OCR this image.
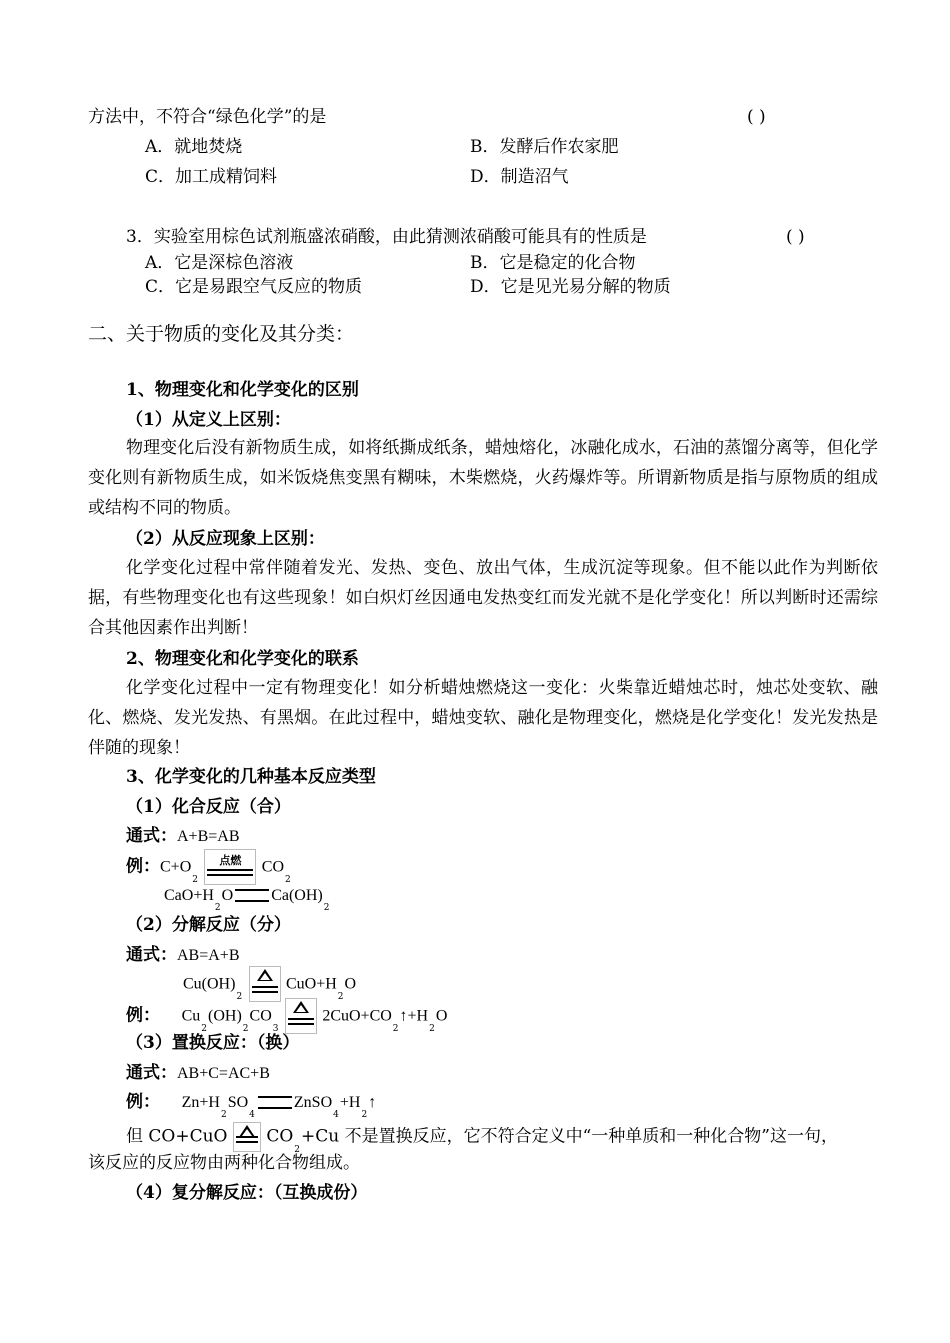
方法中，不符合“绿色化学”的是	( )
A．就地焚烧	B．发酵后作农家肥
C．加工成精饲料	D．制造沼气
3．实验室用棕色试剂瓶盛浓硝酸，由此猜测浓硝酸可能具有的性质是	( )
A．它是深棕色溶液	B．它是稳定的化合物
C．它是易跟空气反应的物质	D．它是见光易分解的物质
二、关于物质的变化及其分类：
1、物理变化和化学变化的区别
（1）从定义上区别：
物理变化后没有新物质生成，如将纸撕成纸条，蜡烛熔化，冰融化成水，石油的蒸馏分离等，但化学变化则有新物质生成，如米饭烧焦变黑有糊味，木柴燃烧，火药爆炸等。所谓新物质是指与原物质的组成或结构不同的物质。
（2）从反应现象上区别：
化学变化过程中常伴随着发光、发热、变色、放出气体，生成沉淀等现象。但不能以此作为判断依据，有些物理变化也有这些现象！如白炽灯丝因通电发热变红而发光就不是化学变化！所以判断时还需综合其他因素作出判断！
2、物理变化和化学变化的联系
化学变化过程中一定有物理变化！如分析蜡烛燃烧这一变化：火柴靠近蜡烛芯时，烛芯处变软、融化、燃烧、发光发热、有黑烟。在此过程中，蜡烛变软、融化是物理变化，燃烧是化学变化！发光发热是伴随的现象！
3、化学变化的几种基本反应类型
（1）化合反应（合）
通式：A+B=AB
例：$C+O_2$
点燃	$CO_2$
$CaO+H_2O$ $Ca(OH)_2$
（2）分解反应（分）
通式：AB=A+B
$Cu(OH)_2$
$CuO+H_2O$
例： $Cu_2(OH)_2CO_3$
$2CuO+CO_2↑+H_2O$
（3）置换反应：（换）
通式：AB+C=AC+B
例： $Zn+H_2SO_4ZnSO_4+H_2↑$
但 CO+CuO $CO_2+Cu$ 不是置换反应，它不符合定义中“一种单质和一种化合物”这一句，
该反应的反应物由两种化合物组成。
（4）复分解反应：（互换成份）
